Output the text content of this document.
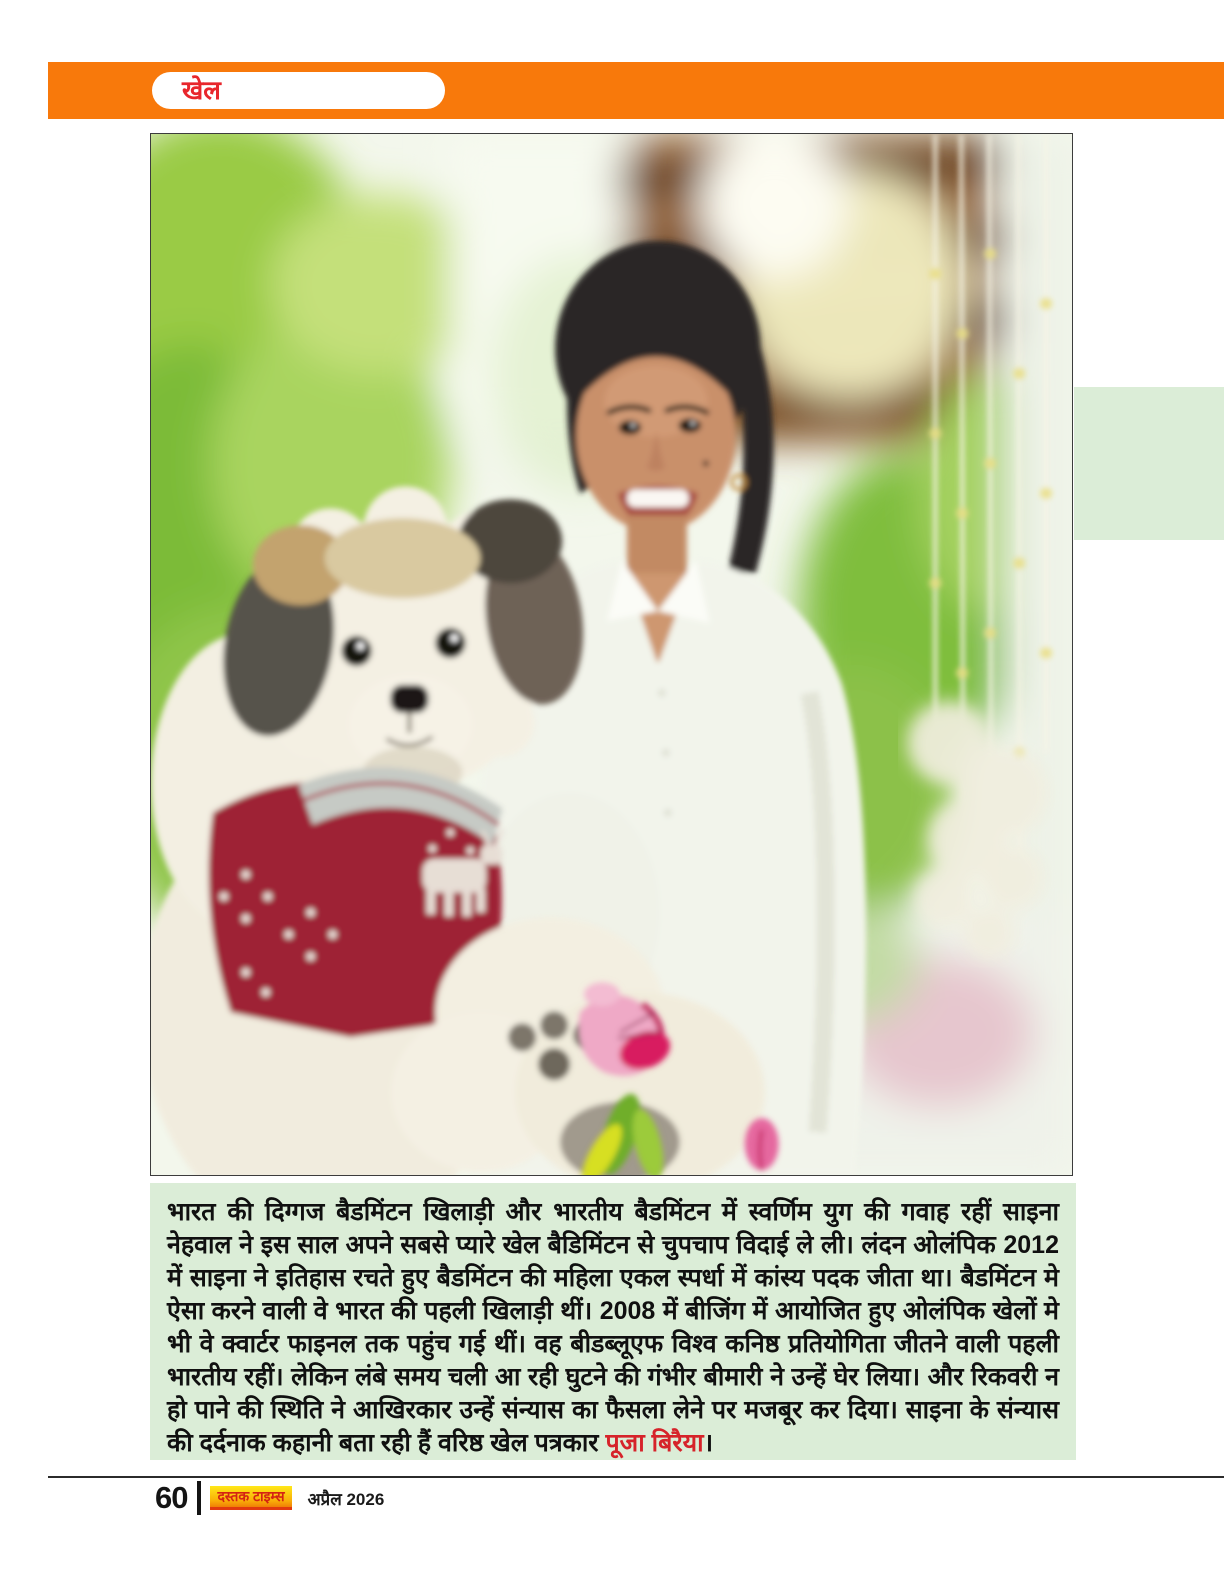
खेल

भारत की दिग्गज बैडमिंटन खिलाड़ी और भारतीय बैडमिंटन में स्वर्णिम युग की गवाह रहीं साइना नेहवाल ने इस साल अपने सबसे प्यारे खेल बैडिमिंटन से चुपचाप विदाई ले ली। लंदन ओलंपिक 2012 में साइना ने इतिहास रचते हुए बैडमिंटन की महिला एकल स्पर्धा में कांस्य पदक जीता था। बैडमिंटन मे ऐसा करने वाली वे भारत की पहली खिलाड़ी थीं। 2008 में बीजिंग में आयोजित हुए ओलंपिक खेलों मे भी वे क्वार्टर फाइनल तक पहुंच गई थीं। वह बीडब्लूएफ विश्व कनिष्ठ प्रतियोगिता जीतने वाली पहली भारतीय रहीं। लेकिन लंबे समय चली आ रही घुटने की गंभीर बीमारी ने उन्हें घेर लिया। और रिकवरी न हो पाने की स्थिति ने आखिरकार उन्हें संन्यास का फैसला लेने पर मजबूर कर दिया। साइना के संन्यास की दर्दनाक कहानी बता रही हैं वरिष्ठ खेल पत्रकार पूजा बिरैया।

60	दस्तक टाइम्स	अप्रैल 2026
